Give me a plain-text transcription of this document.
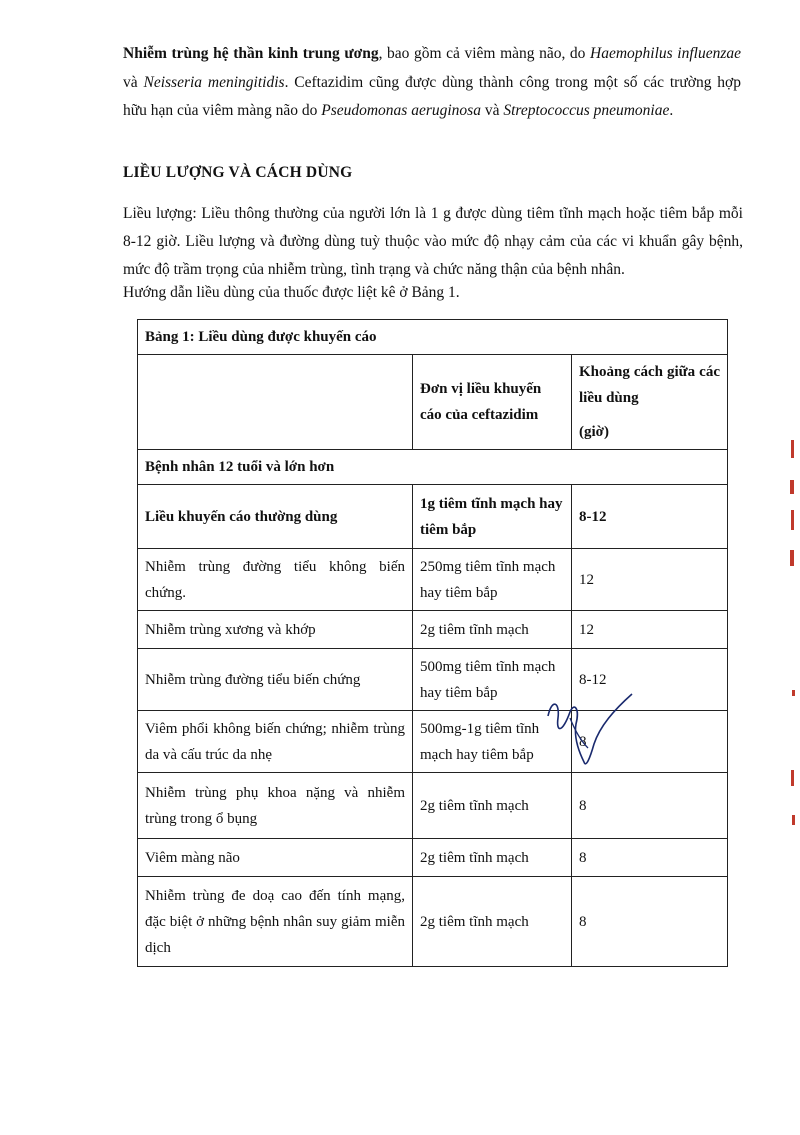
Nhiễm trùng hệ thần kinh trung ương, bao gồm cả viêm màng não, do Haemophilus influenzae và Neisseria meningitidis. Ceftazidim cũng được dùng thành công trong một số các trường hợp hữu hạn của viêm màng não do Pseudomonas aeruginosa và Streptococcus pneumoniae.

LIỀU LƯỢNG VÀ CÁCH DÙNG

Liều lượng: Liều thông thường của người lớn là 1 g được dùng tiêm tĩnh mạch hoặc tiêm bắp mỗi 8-12 giờ. Liều lượng và đường dùng tuỳ thuộc vào mức độ nhạy cảm của các vi khuẩn gây bệnh, mức độ trầm trọng của nhiễm trùng, tình trạng và chức năng thận của bệnh nhân.

Hướng dẫn liều dùng của thuốc được liệt kê ở Bảng 1.

Bảng 1: Liều dùng được khuyến cáo		
	Đơn vị liều khuyến cáo của ceftazidim	Khoảng cách giữa các liều dùng
(giờ)

Bệnh nhân 12 tuổi và lớn hơn		
Liều khuyến cáo thường dùng	1g tiêm tĩnh mạch hay tiêm bắp	8-12
Nhiễm trùng đường tiểu không biến chứng.	250mg tiêm tĩnh mạch hay tiêm bắp	12
Nhiễm trùng xương và khớp	2g tiêm tĩnh mạch	12
Nhiễm trùng đường tiểu biến chứng	500mg tiêm tĩnh mạch hay tiêm bắp	8-12
Viêm phổi không biến chứng; nhiễm trùng da và cấu trúc da nhẹ	500mg-1g tiêm tĩnh mạch hay tiêm bắp	8
Nhiễm trùng phụ khoa nặng và nhiễm trùng trong ổ bụng	2g tiêm tĩnh mạch	8
Viêm màng não	2g tiêm tĩnh mạch	8
Nhiễm trùng đe doạ cao đến tính mạng, đặc biệt ở những bệnh nhân suy giảm miễn dịch	2g tiêm tĩnh mạch	8
